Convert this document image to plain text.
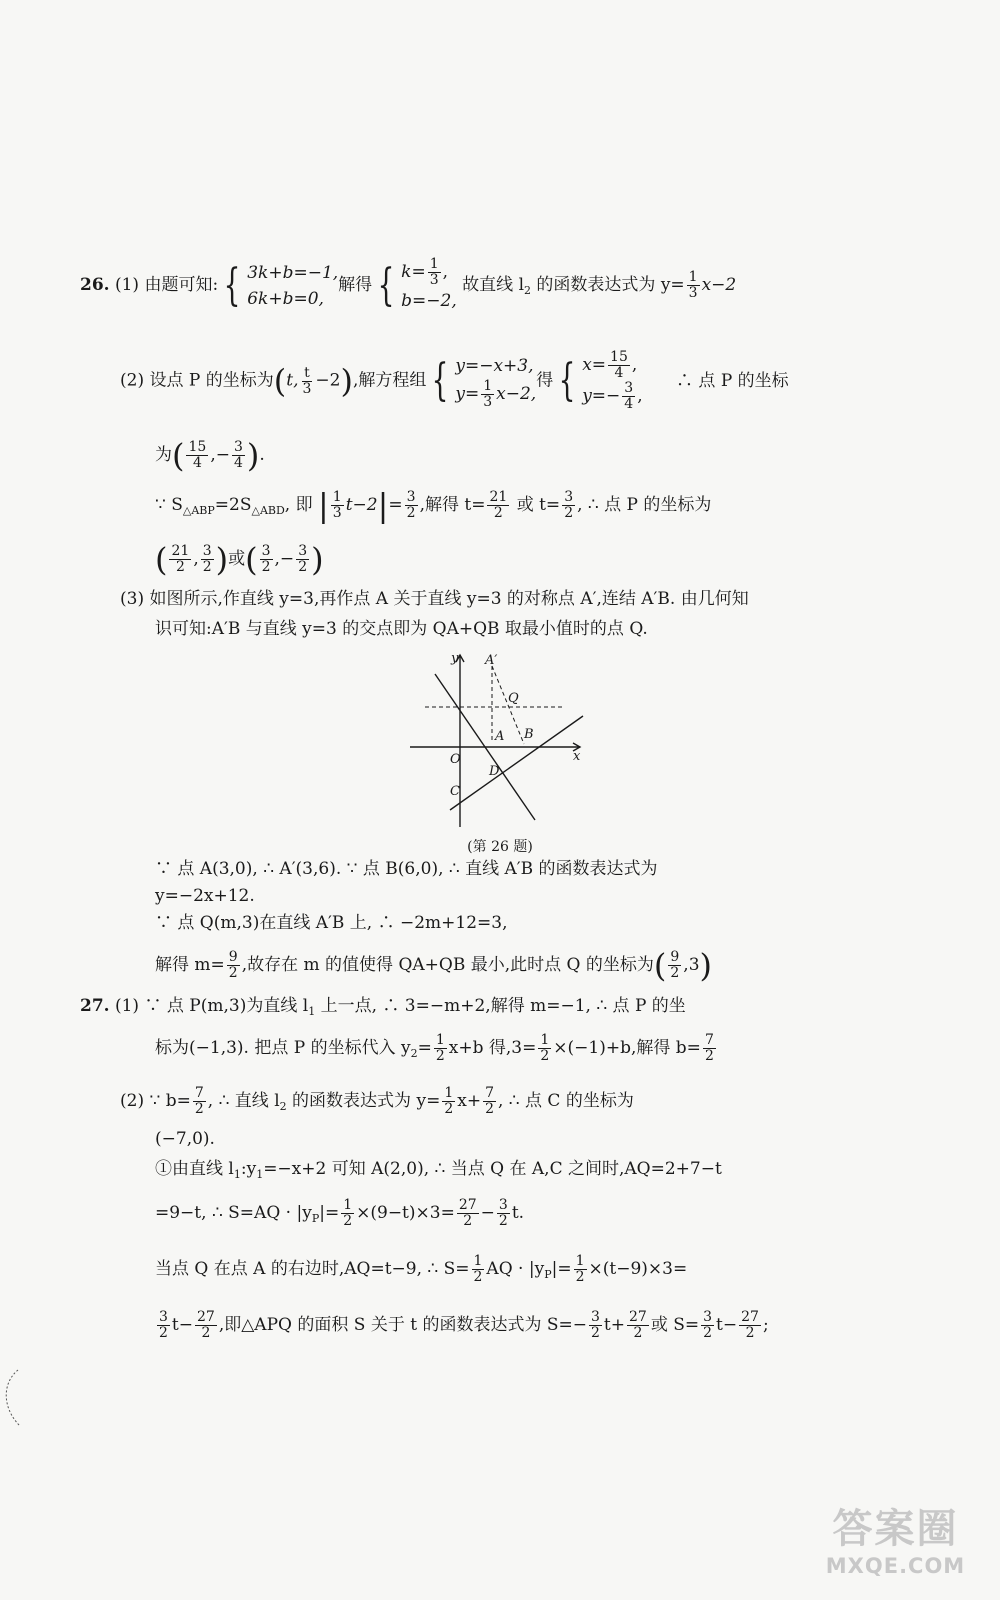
26. (1) 由题可知: { 3k+b=−1,
6k+b=0,
解得 { $k= \frac{1}{3}$ ,
b=−2,
故直线 $l_2$ 的函数表达式为 $y= \frac{1}{3} x-2$
(2) 设点 P 的坐标为(t, $\frac{t}{3} -2$),解方程组 { y=−x+3,
$y= \frac{1}{3} x-2$,
得 { $x= \frac{15}{4}$ ,
$y=- \frac{3}{4}$ ,
∴ 点 P 的坐标
为( $\frac{15}{4}$ ,− $\frac{3}{4}$ ).
∵ $S_{\triangle ABP}=2S_{\triangle ABD}$, 即 | $\frac{1}{3} t-2|= \frac{3}{2}$ ,解得 $t= \frac{21}{2}$ 或 $t= \frac{3}{2}$ , ∴ 点 P 的坐标为
( $\frac{21}{2}$ , $\frac{3}{2}$ )或( $\frac{3}{2}$ ,− $\frac{3}{2}$ )
(3) 如图所示,作直线 y=3,再作点 A 关于直线 y=3 的对称点 A′,连结 A′B. 由几何知
识可知:A′B 与直线 y=3 的交点即为 QA+QB 取最小值时的点 Q.
y
x
O
A′
Q
A B
D
C
(第 26 题)
∵ 点 A(3,0), ∴ A′(3,6). ∵ 点 B(6,0), ∴ 直线 A′B 的函数表达式为
y=−2x+12.
∵ 点 Q(m,3)在直线 A′B 上, ∴ −2m+12=3,
解得 $m= \frac{9}{2}$ ,故存在 m 的值使得 QA+QB 最小,此时点 Q 的坐标为( $\frac{9}{2} ,3$)
27. (1) ∵ 点 P(m,3)为直线 $l_1$ 上一点, ∴ 3=−m+2,解得 m=−1, ∴ 点 P 的坐
标为(−1,3). 把点 P 的坐标代入 $y_2= \frac{1}{2} x+b$ 得$,3= \frac{1}{2} \times(-1)+b$,解得 $b= \frac{7}{2}$
(2) ∵ $b= \frac{7}{2}$ , ∴ 直线 $l_2$ 的函数表达式为 $y= \frac{1}{2} x+ \frac{7}{2}$ , ∴ 点 C 的坐标为
(−7,0).
①由直线 $l_1:y_1=-x+2$ 可知 A(2,0), ∴ 当点 Q 在 A,C 之间时,AQ=2+7−t
=9−t, ∴ $S=AQ \cdot |y_P|= \frac{1}{2} \times(9-t)\times 3= \frac{27}{2} - \frac{3}{2} t$.
当点 Q 在点 A 的右边时,AQ=t−9, ∴ $S= \frac{1}{2}$ AQ · $|y_P|= \frac{1}{2} \times(t-9)\times 3=$
$\frac{3}{2} t- \frac{27}{2}$ ,即△APQ 的面积 S 关于 t 的函数表达式为 $S=- \frac{3}{2} t+ \frac{27}{2}$ 或 $S= \frac{3}{2} t- \frac{27}{2}$ ;
答案圈
MXQE.COM
